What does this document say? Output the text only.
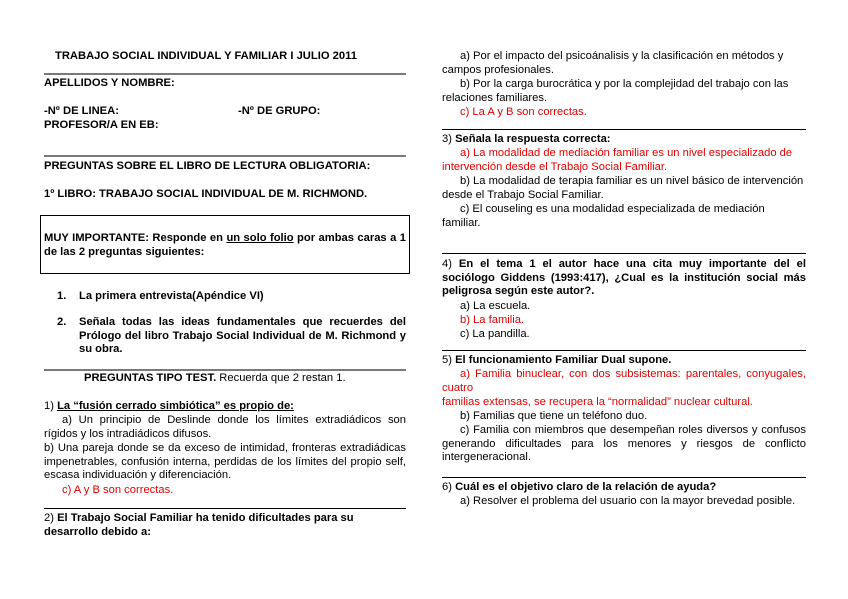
TRABAJO SOCIAL INDIVIDUAL Y FAMILIAR I JULIO 2011
APELLIDOS Y NOMBRE:
-Nº DE LINEA:	-Nº DE GRUPO:
PROFESOR/A EN EB:
PREGUNTAS SOBRE EL LIBRO DE LECTURA OBLIGATORIA:
1º LIBRO: TRABAJO SOCIAL INDIVIDUAL DE M. RICHMOND.
MUY IMPORTANTE: Responde en un solo folio por ambas caras a 1 de las 2 preguntas siguientes:
1. La primera entrevista(Apéndice VI)
2. Señala todas las ideas fundamentales que recuerdes del Prólogo del libro Trabajo Social Individual de M. Richmond y su obra.
PREGUNTAS TIPO TEST. Recuerda que 2 restan 1.
1) La “fusión cerrado simbiótica” es propio de:
a) Un principio de Deslinde donde los límites extradiádicos son rígidos y los intradiádicos difusos.
b) Una pareja donde se da exceso de intimidad, fronteras extradiádicas impenetrables, confusión interna, perdidas de los límites del propio self, escasa individuación y diferenciación.
c) A y B son correctas.
2) El Trabajo Social Familiar ha tenido dificultades para su desarrollo debido a:
a) Por el impacto del psicoánalisis y la clasificación en métodos y campos profesionales.
b) Por la carga burocrática y por la complejidad del trabajo con las relaciones familiares.
c) La A y B son correctas.
3) Señala la respuesta correcta:
a) La modalidad de mediación familiar es un nivel especializado de intervención desde el Trabajo Social Familiar.
b) La modalidad de terapia familiar es un nivel básico de intervención desde el Trabajo Social Familiar.
c) El couseling es una modalidad especializada de mediación familiar.
4) En el tema 1 el autor hace una cita muy importante del el sociólogo Giddens (1993:417), ¿Cual es la institución social más peligrosa según este autor?.
a) La escuela.
b) La familia.
c) La pandilla.
5) El funcionamiento Familiar Dual supone.
a) Familia binuclear, con dos subsistemas: parentales, conyugales, cuatro
familias extensas, se recupera la “normalidad” nuclear cultural.
b) Familias que tiene un teléfono duo.
c) Familia con miembros que desempeñan roles diversos y confusos generando dificultades para los menores y riesgos de conflicto intergeneracional.
6) Cuál es el objetivo claro de la relación de ayuda?
a) Resolver el problema del usuario con la mayor brevedad posible.
